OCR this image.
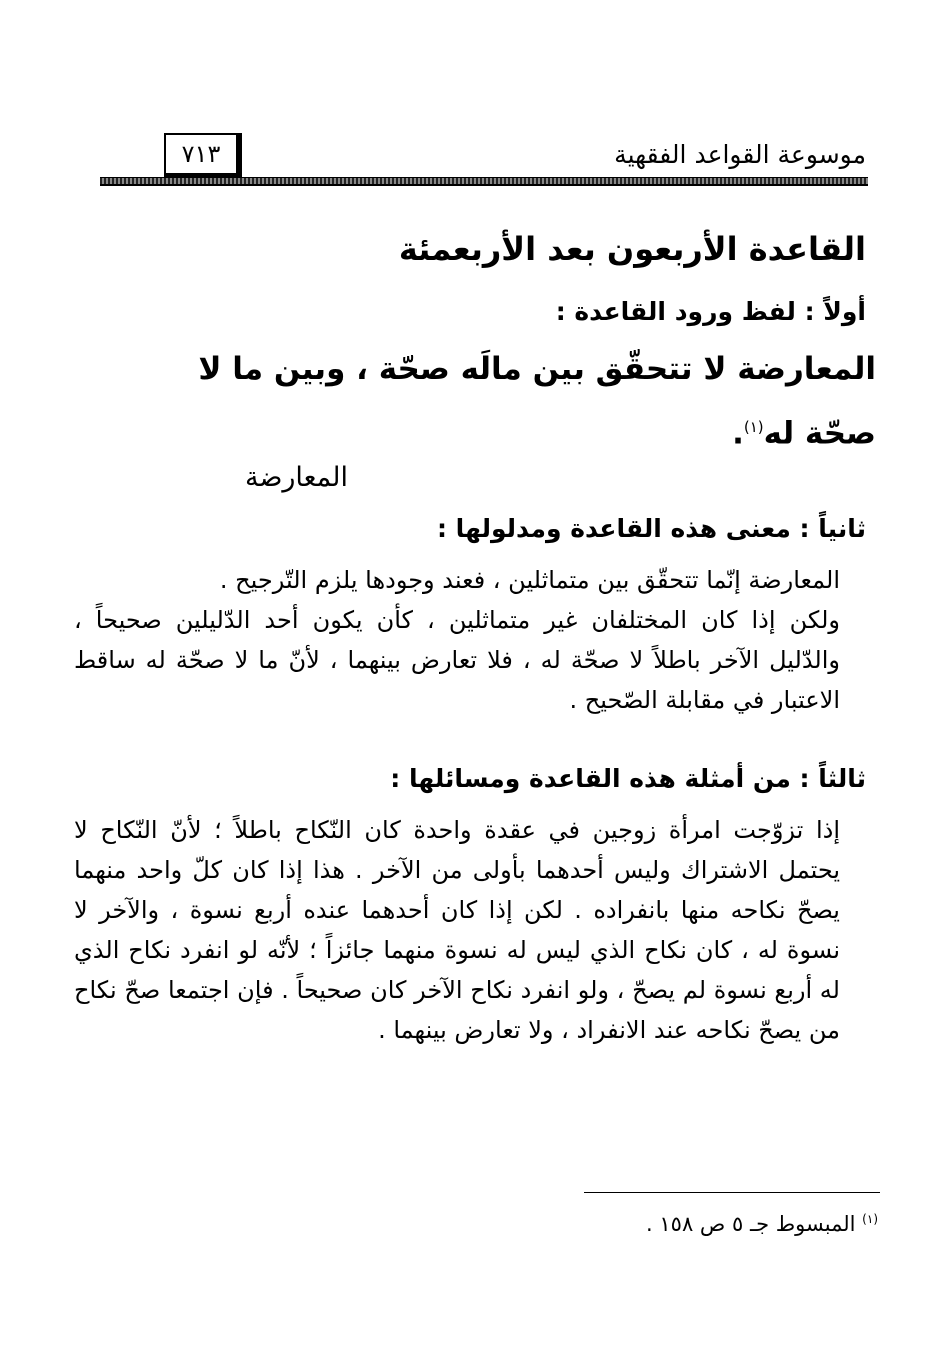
موسوعة القواعد الفقهية
٧١٣
القاعدة الأربعون بعد الأربعمئة
أولاً : لفظ ورود القاعدة :
المعارضة لا تتحقّق بين مالَه صحّة ، وبين ما لا
صحّة له$^{(١)}$.
المعارضة
ثانياً : معنى هذه القاعدة ومدلولها :

المعارضة إنّما تتحقّق بين متماثلين ، فعند وجودها يلزم التّرجيح .

ولكن إذا كان المختلفان غير متماثلين ، كأن يكون أحد الدّليلين صحيحاً ، والدّليل الآخر باطلاً لا صحّة له ، فلا تعارض بينهما ، لأنّ ما لا صحّة له ساقط الاعتبار في مقابلة الصّحيح .

ثالثاً : من أمثلة هذه القاعدة ومسائلها :

إذا تزوّجت امرأة زوجين في عقدة واحدة كان النّكاح باطلاً ؛ لأنّ النّكاح لا يحتمل الاشتراك وليس أحدهما بأولى من الآخر . هذا إذا كان كلّ واحد منهما يصحّ نكاحه منها بانفراده . لكن إذا كان أحدهما عنده أربع نسوة ، والآخر لا نسوة له ، كان نكاح الذي ليس له نسوة منهما جائزاً ؛ لأنّه لو انفرد نكاح الذي له أربع نسوة لم يصحّ ، ولو انفرد نكاح الآخر كان صحيحاً . فإن اجتمعا صحّ نكاح من يصحّ نكاحه عند الانفراد ، ولا تعارض بينهما .

$^{(١)}$ المبسوط جـ ٥ ص ١٥٨ .
